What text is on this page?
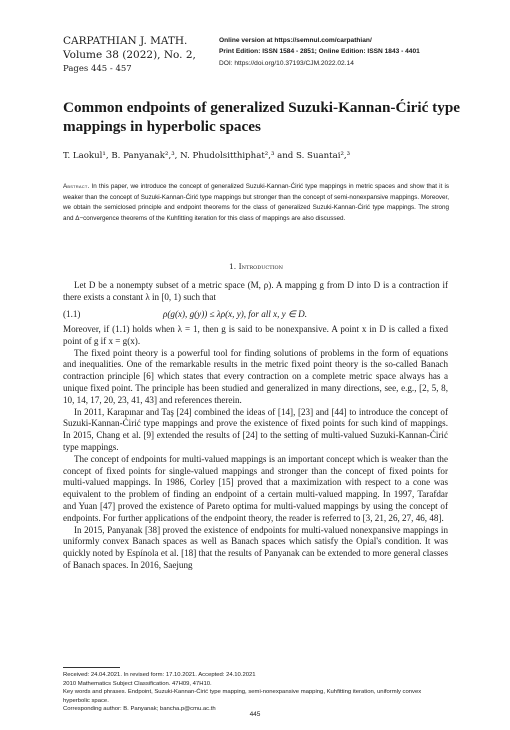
CARPATHIAN J. MATH.
Volume 38 (2022), No. 2,
Pages 445 - 457
Online version at https://semnul.com/carpathian/
Print Edition: ISSN 1584 - 2851; Online Edition: ISSN 1843 - 4401
DOI: https://doi.org/10.37193/CJM.2022.02.14
Common endpoints of generalized Suzuki-Kannan-Ćirić type mappings in hyperbolic spaces
T. Laokul¹, B. Panyanak²,³, N. Phudolsitthiphat²,³ and S. Suantai²,³
Abstract. In this paper, we introduce the concept of generalized Suzuki-Kannan-Ćirić type mappings in metric spaces and show that it is weaker than the concept of Suzuki-Kannan-Ćirić type mappings but stronger than the concept of semi-nonexpansive mappings. Moreover, we obtain the semiclosed principle and endpoint theorems for the class of generalized Suzuki-Kannan-Ćirić type mappings. The strong and Δ−convergence theorems of the Kuhfitting iteration for this class of mappings are also discussed.
1. Introduction

Let D be a nonempty subset of a metric space (M, ρ). A mapping g from D into D is a contraction if there exists a constant λ in [0, 1) such that

(1.1)	ρ(g(x), g(y)) ≤ λρ(x, y), for all x, y ∈ D.

Moreover, if (1.1) holds when λ = 1, then g is said to be nonexpansive. A point x in D is called a fixed point of g if x = g(x).

The fixed point theory is a powerful tool for finding solutions of problems in the form of equations and inequalities. One of the remarkable results in the metric fixed point theory is the so-called Banach contraction principle [6] which states that every contraction on a complete metric space always has a unique fixed point. The principle has been studied and generalized in many directions, see, e.g., [2, 5, 8, 10, 14, 17, 20, 23, 41, 43] and references therein.

In 2011, Karapınar and Taş [24] combined the ideas of [14], [23] and [44] to introduce the concept of Suzuki-Kannan-Ćirić type mappings and prove the existence of fixed points for such kind of mappings. In 2015, Chang et al. [9] extended the results of [24] to the setting of multi-valued Suzuki-Kannan-Ćirić type mappings.

The concept of endpoints for multi-valued mappings is an important concept which is weaker than the concept of fixed points for single-valued mappings and stronger than the concept of fixed points for multi-valued mappings. In 1986, Corley [15] proved that a maximization with respect to a cone was equivalent to the problem of finding an endpoint of a certain multi-valued mapping. In 1997, Tarafdar and Yuan [47] proved the existence of Pareto optima for multi-valued mappings by using the concept of endpoints. For further applications of the endpoint theory, the reader is referred to [3, 21, 26, 27, 46, 48].

In 2015, Panyanak [38] proved the existence of endpoints for multi-valued nonexpansive mappings in uniformly convex Banach spaces as well as Banach spaces which satisfy the Opial's condition. It was quickly noted by Espínola et al. [18] that the results of Panyanak can be extended to more general classes of Banach spaces. In 2016, Saejung

Received: 24.04.2021. In revised form: 17.10.2021. Accepted: 24.10.2021
2010 Mathematics Subject Classification. 47H09, 47H10.
Key words and phrases. Endpoint, Suzuki-Kannan-Ćirić type mapping, semi-nonexpansive mapping, Kuhfitting iteration, uniformly convex hyperbolic space.
Corresponding author: B. Panyanak; bancha.p@cmu.ac.th
445
